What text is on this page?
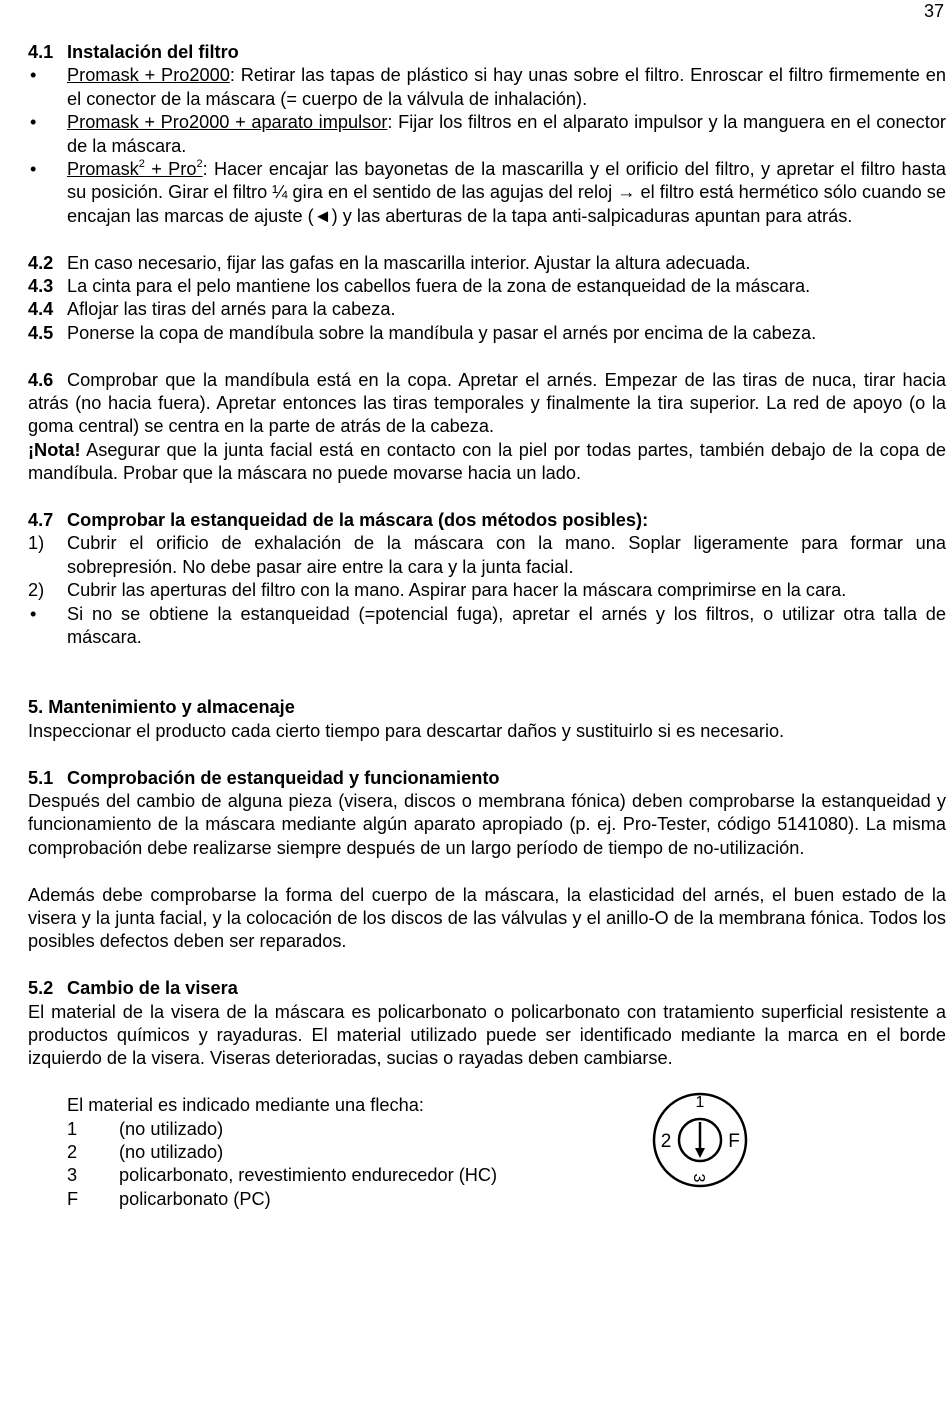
37

4.1 Instalación del filtro

• Promask + Pro2000: Retirar las tapas de plástico si hay unas sobre el filtro. Enroscar el filtro firmemente en el conector de la máscara (= cuerpo de la válvula de inhalación).
• Promask + Pro2000 + aparato impulsor: Fijar los filtros en el alparato impulsor y la manguera en el conector de la máscara.
• Promask$^2$ + Pro$^2$: Hacer encajar las bayonetas de la mascarilla y el orificio del filtro, y apretar el filtro hasta su posición. Girar el filtro ¼ gira en el sentido de las agujas del reloj → el filtro está hermético sólo cuando se encajan las marcas de ajuste (◄) y las aberturas de la tapa anti-salpicaduras apuntan para atrás.

4.2 En caso necesario, fijar las gafas en la mascarilla interior. Ajustar la altura adecuada.

4.3 La cinta para el pelo mantiene los cabellos fuera de la zona de estanqueidad de la máscara.

4.4 Aflojar las tiras del arnés para la cabeza.

4.5 Ponerse la copa de mandíbula sobre la mandíbula y pasar el arnés por encima de la cabeza.

4.6 Comprobar que la mandíbula está en la copa. Apretar el arnés. Empezar de las tiras de nuca, tirar hacia atrás (no hacia fuera). Apretar entonces las tiras temporales y finalmente la tira superior. La red de apoyo (o la goma central) se centra en la parte de atrás de la cabeza.

¡Nota! Asegurar que la junta facial está en contacto con la piel por todas partes, también debajo de la copa de mandíbula. Probar que la máscara no puede movarse hacia un lado.

4.7 Comprobar la estanqueidad de la máscara (dos métodos posibles):

1)	Cubrir el orificio de exhalación de la máscara con la mano. Soplar ligeramente para formar una sobrepresión. No debe pasar aire entre la cara y la junta facial.
2)	Cubrir las aperturas del filtro con la mano. Aspirar para hacer la máscara comprimirse en la cara.
• Si no se obtiene la estanqueidad (=potencial fuga), apretar el arnés y los filtros, o utilizar otra talla de máscara.

5. Mantenimiento y almacenaje

Inspeccionar el producto cada cierto tiempo para descartar daños y sustituirlo si es necesario.

5.1 Comprobación de estanqueidad y funcionamiento

Después del cambio de alguna pieza (visera, discos o membrana fónica) deben comprobarse la estanqueidad y funcionamiento de la máscara mediante algún aparato apropiado (p. ej. Pro-Tester, código 5141080). La misma comprobación debe realizarse siempre después de un largo período de tiempo de no-utilización.

Además debe comprobarse la forma del cuerpo de la máscara, la elasticidad del arnés, el buen estado de la visera y la junta facial, y la colocación de los discos de las válvulas y el anillo-O de la membrana fónica. Todos los posibles defectos deben ser reparados.

5.2 Cambio de la visera

El material de la visera de la máscara es policarbonato o policarbonato con tratamiento superficial resistente a productos químicos y rayaduras. El material utilizado puede ser identificado mediante la marca en el borde izquierdo de la visera. Viseras deterioradas, sucias o rayadas deben cambiarse.

El material es indicado mediante una flecha:

1 (no utilizado)
2 (no utilizado)
3 policarbonato, revestimiento endurecedor (HC)
F policarbonato (PC)
1
2	F
3
